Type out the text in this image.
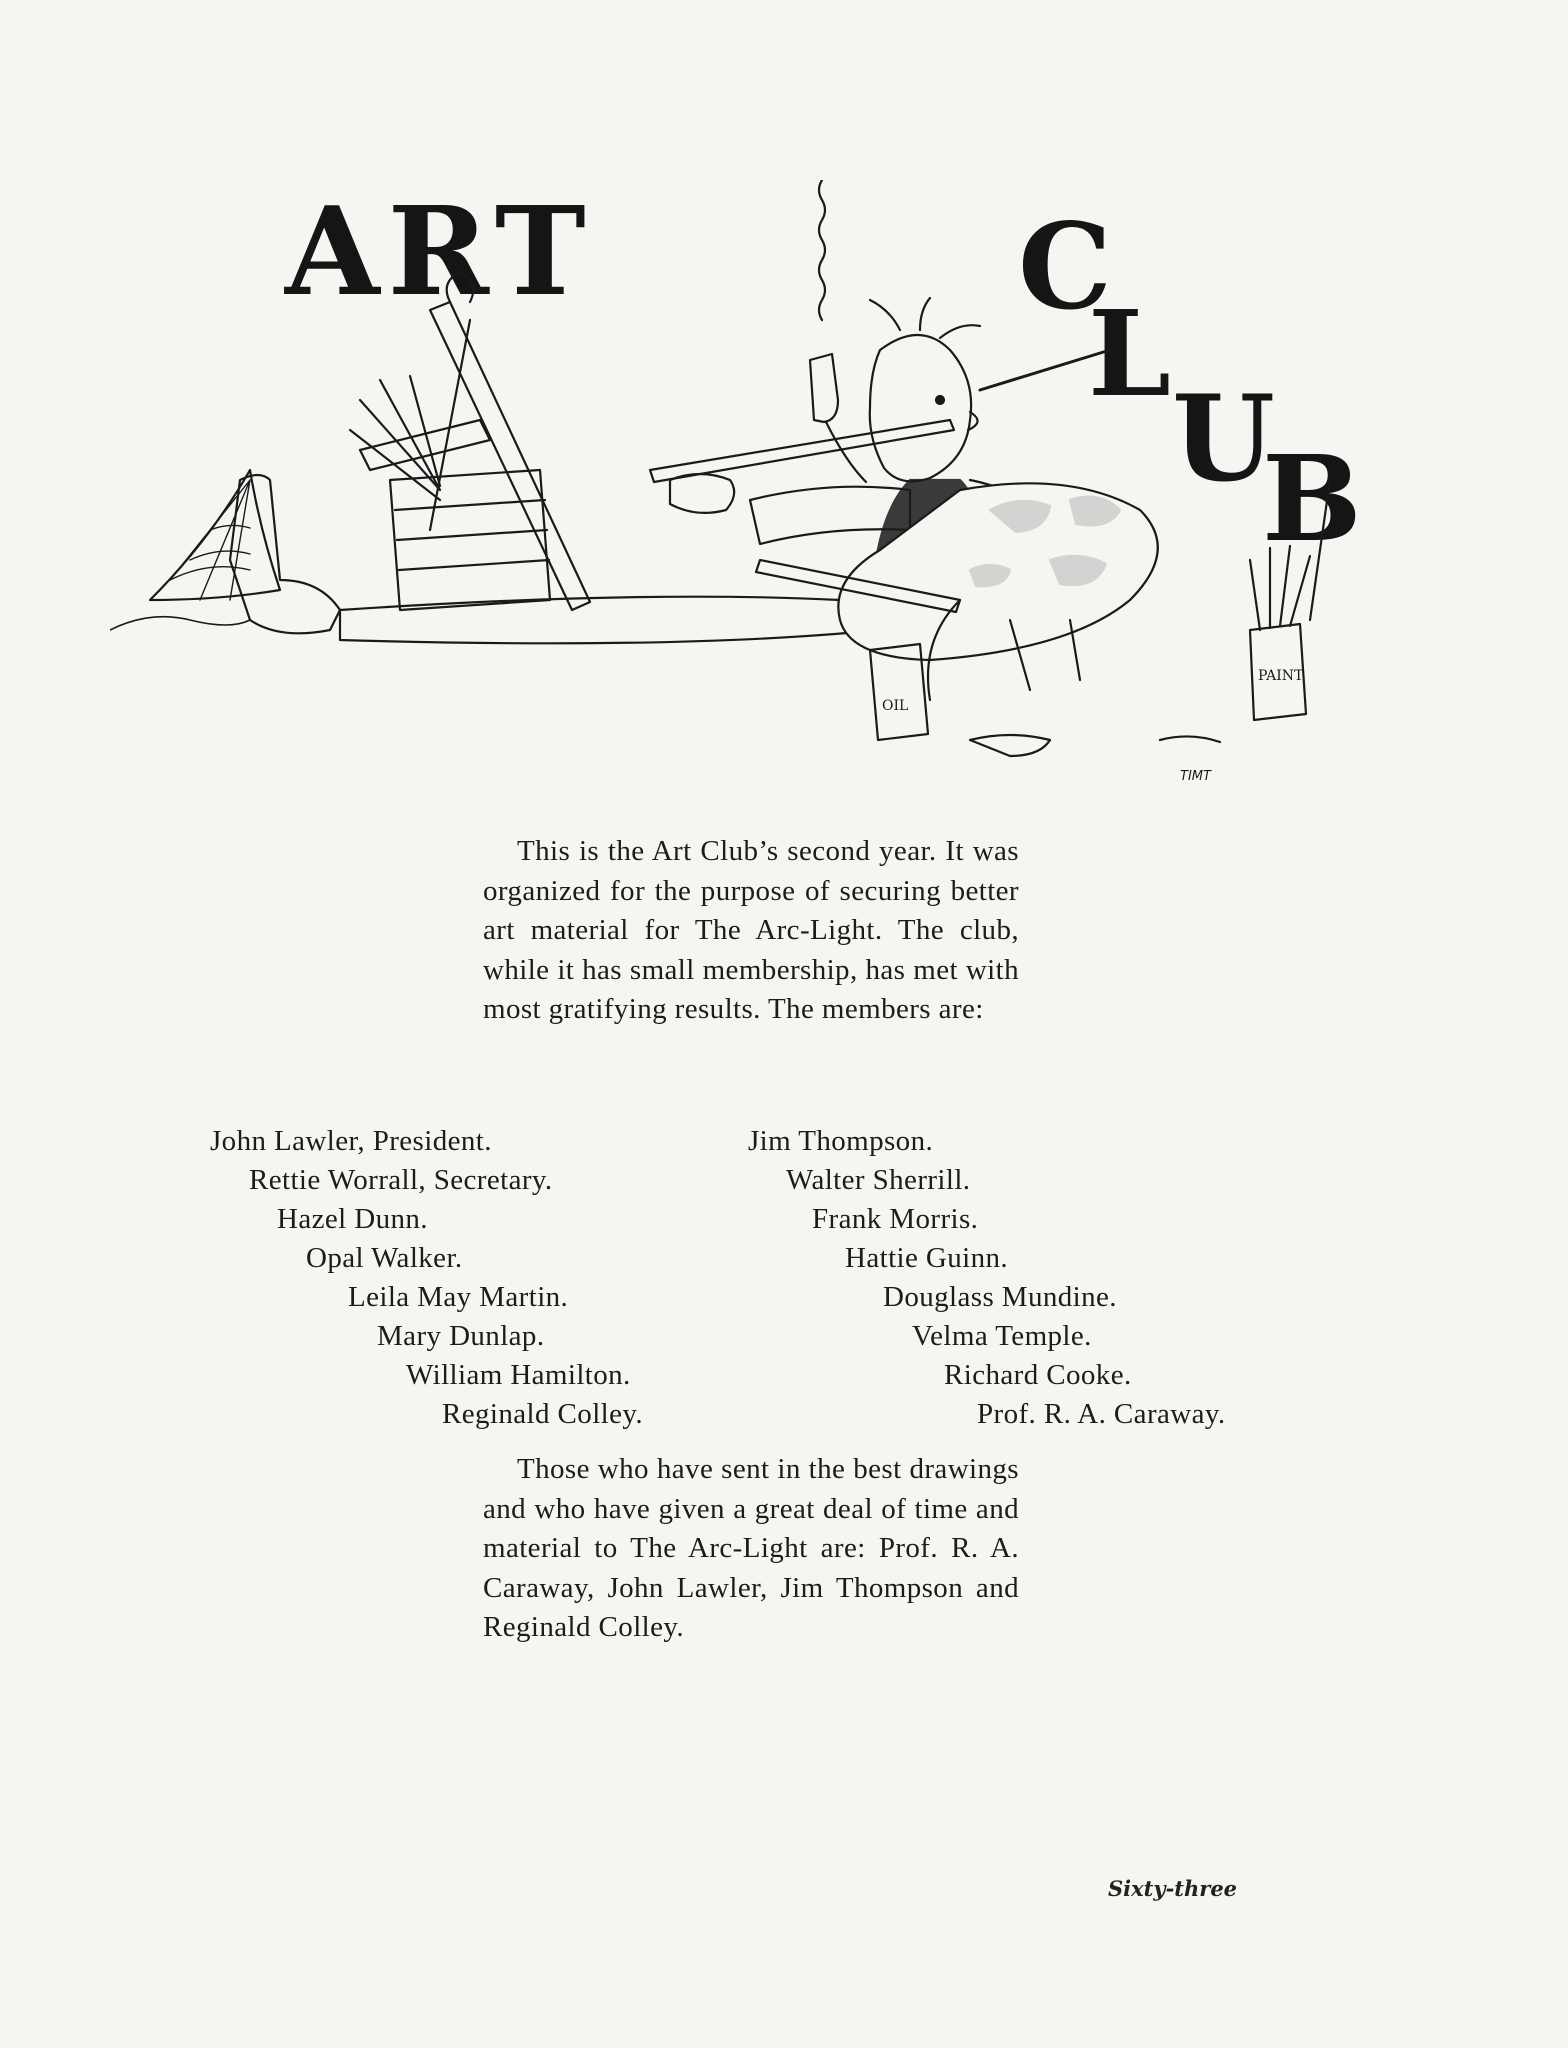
ART	C
L
U
B
OIL
PAINT
TIMT

This is the Art Club’s second year. It was organized for the purpose of securing better art material for The Arc-Light. The club, while it has small membership, has met with most gratifying results. The members are:

John Lawler, President.
Rettie Worrall, Secretary.
Hazel Dunn.
Opal Walker.
Leila May Martin.
Mary Dunlap.
William Hamilton.
Reginald Colley.
Jim Thompson.
Walter Sherrill.
Frank Morris.
Hattie Guinn.
Douglass Mundine.
Velma Temple.
Richard Cooke.
Prof. R. A. Caraway.

Those who have sent in the best drawings and who have given a great deal of time and material to The Arc-Light are: Prof. R. A. Caraway, John Lawler, Jim Thompson and Reginald Colley.

Sixty-three
